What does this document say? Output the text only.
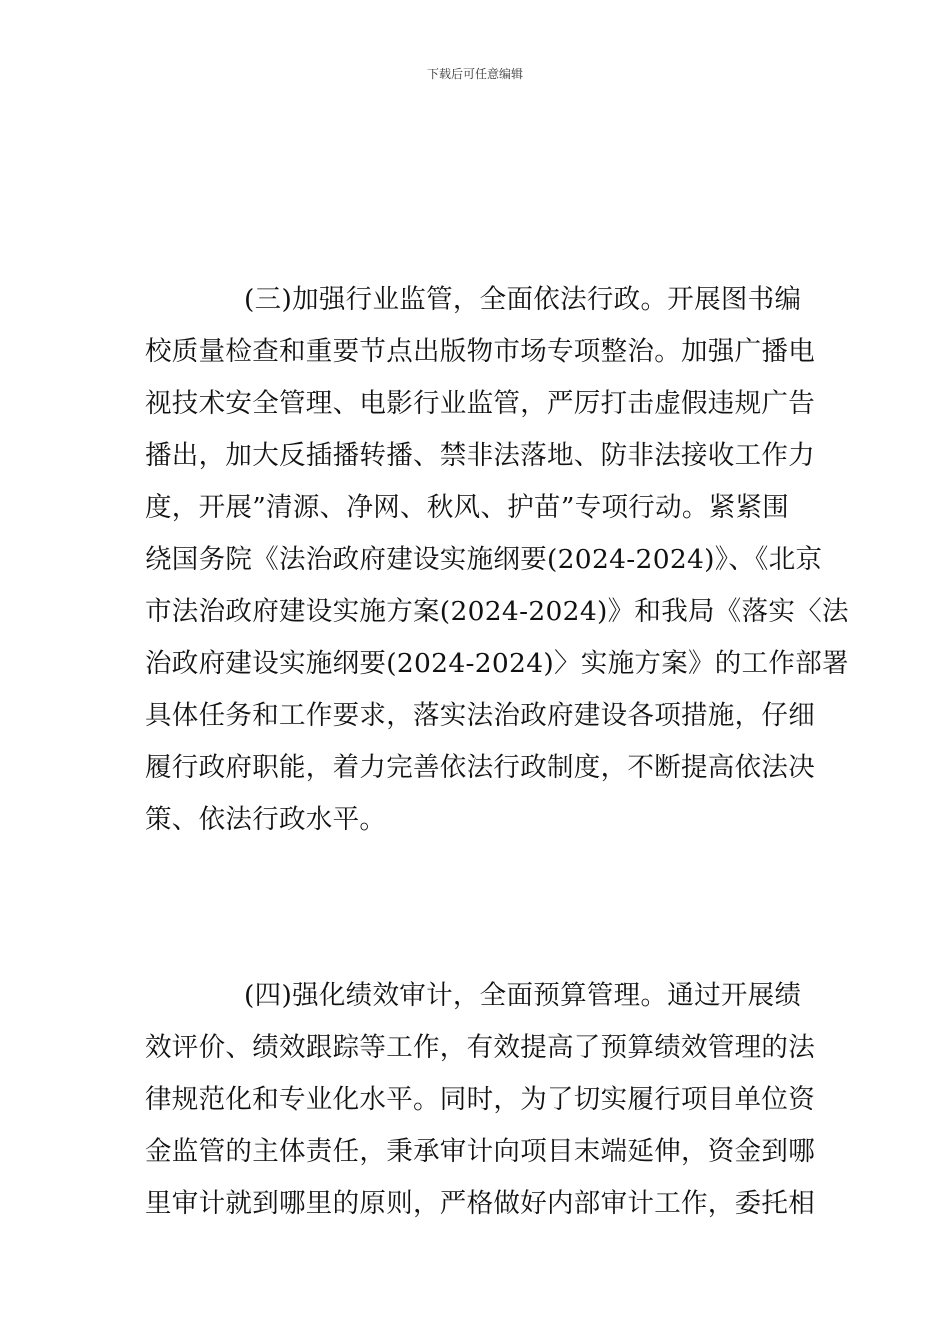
下载后可任意编辑
(三)加强行业监管，全面依法行政。开展图书编
校质量检查和重要节点出版物市场专项整治。加强广播电
视技术安全管理、电影行业监管，严厉打击虚假违规广告
播出，加大反插播转播、禁非法落地、防非法接收工作力
度，开展”清源、净网、秋风、护苗”专项行动。紧紧围
绕国务院《法治政府建设实施纲要(2024-2024)》、《北京
市法治政府建设实施方案(2024-2024)》和我局《落实〈法
治政府建设实施纲要(2024-2024)〉实施方案》的工作部署
具体任务和工作要求，落实法治政府建设各项措施，仔细
履行政府职能，着力完善依法行政制度，不断提高依法决
策、依法行政水平。
(四)强化绩效审计，全面预算管理。通过开展绩
效评价、绩效跟踪等工作，有效提高了预算绩效管理的法
律规范化和专业化水平。同时，为了切实履行项目单位资
金监管的主体责任，秉承审计向项目末端延伸，资金到哪
里审计就到哪里的原则，严格做好内部审计工作，委托相
